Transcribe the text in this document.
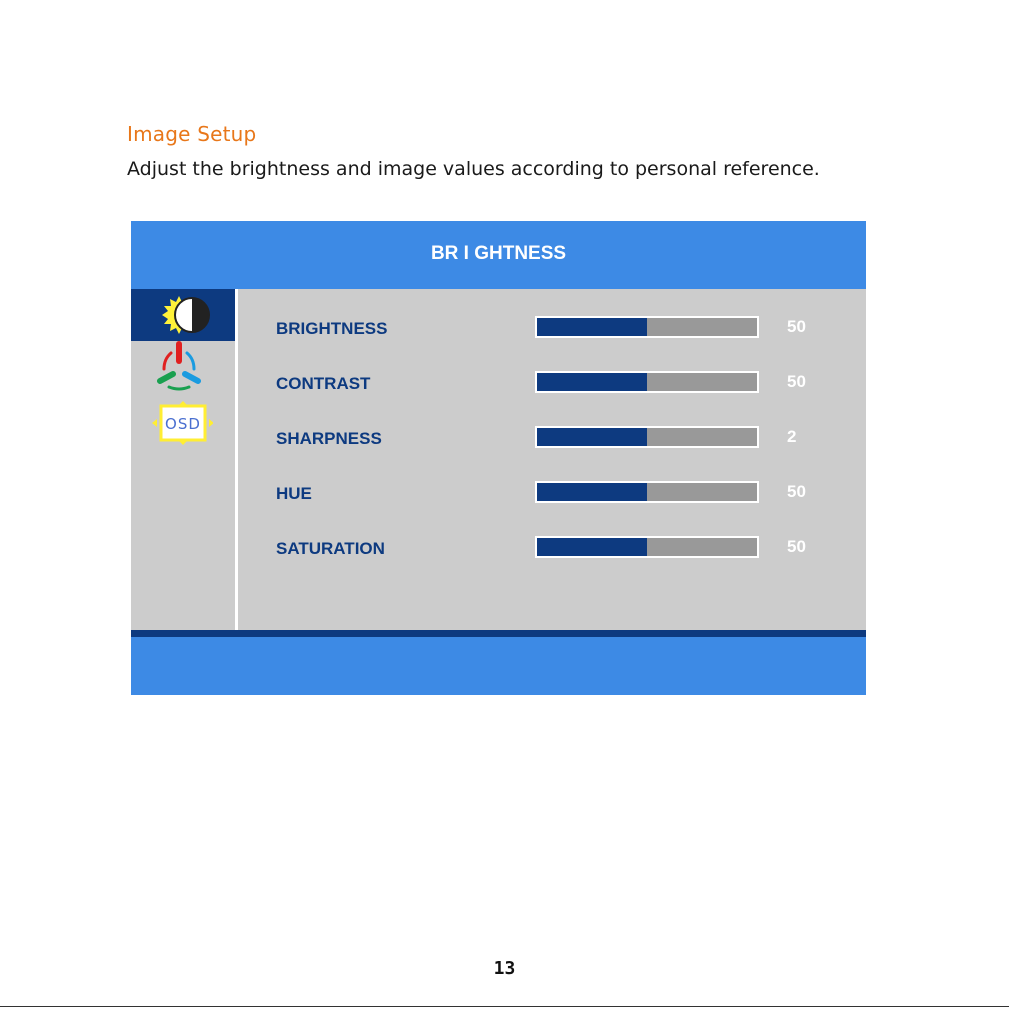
Image Setup
Adjust the brightness and image values according to personal reference.
BR I GHTNESS
OSD
BRIGHTNESS	50
CONTRAST	50
SHARPNESS	2
HUE	50
SATURATION	50
13
